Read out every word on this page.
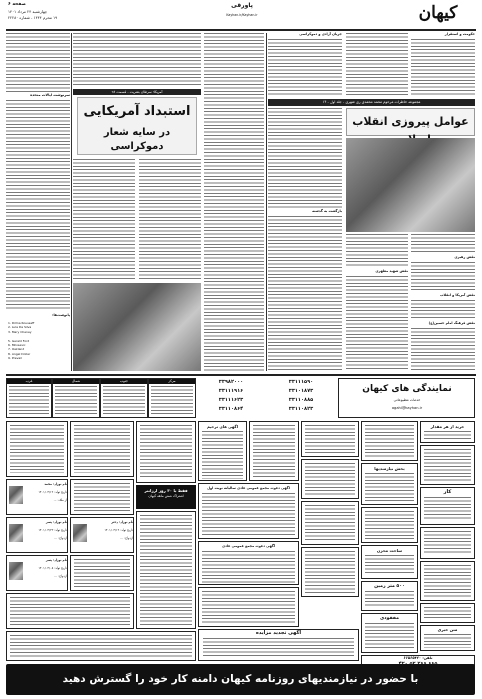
صفحه ۶
چهارشنبه ۲۴ مرداد ۱۴۰۱
۱۹ محرم ۱۴۴۴ - شماره ۲۲۲۸۰
پاورقی
Kayhan.ir/Kayhan.ir	کیهان
سرنوشت ایالات متحده
پانوشت‌ها:
1. Dilma Rousseff
2. Lula Da Silva
3. Mary Cheney

5. Gerald Ford
6. Milosevic
7. Oakland
8. Angel Dollar
9. Prevail
آمریکا؛ سرطان بشریت - قسمت ۲۸
استبداد آمریکایی
در سایه شعار دموکراسی
جریان آزادی و دموکراسی	حکومت و استقرار
مجموعه خاطرات مرحوم محمد محمدی ری شهری - جلد اول - ۱۴
عوامل پیروزی انقلاب
بازگشت به گذشته
نقش شهید مطهری
نقش رهبری
نقش آمریکا و انقلاب
نقش فرهنگ امام حسین(ع)
نمایندگی های کیهان
خدمات مطبوعاتی
agahi@kayhan.ir
۳۳۱۱۱۵۹۰
۳۳۱۰۱۸۷۳
۳۳۱۱۰۸۸۵
۳۳۱۱۰۸۲۳
۳۳۹۸۲۰۰۰
۳۳۱۱۱۹۱۶
۳۳۱۱۱۶۲۳
۳۳۱۱۰۸۶۴
مرکز
جنوب
شمال
غرب
خرید از هر مقدار
کار
متن خبری
بخش نیازمندیها
ساخت مخزن
۵۰۰ متر زمین
مفقودی
اگهی های ترحیم
اگهی دعوت مجمع عمومی عادی سالیانه نوبت اول
آگهی دعوت مجمع عمومی عادی
آگهی تجدید مزایده
تلفن: ۶۶۵۶۵۴۲۰
فقط با ۳۰ روز ارزانتر
اشتراک شش ماهه کیهان
نام نوزاد: محمد
تاریخ تولد: ۱۴۰۱/۰۴/۱۲
از ملک: ...
نام نوزاد: پسر
تاریخ تولد: ۱۴۰۱/۰۴/۲۳
ازدواج: ...
نام نوزاد: دختر
تاریخ تولد: ۱۴۰۱/۰۳/۱۹
ازدواج: ...
نام نوزاد: پسر
تاریخ تولد: ۱۴۰۱/۰۴/۰۸
ازدواج: ...
با حضور در نیازمندیهای روزنامه کیهان دامنه کار خود را گسترش دهید
